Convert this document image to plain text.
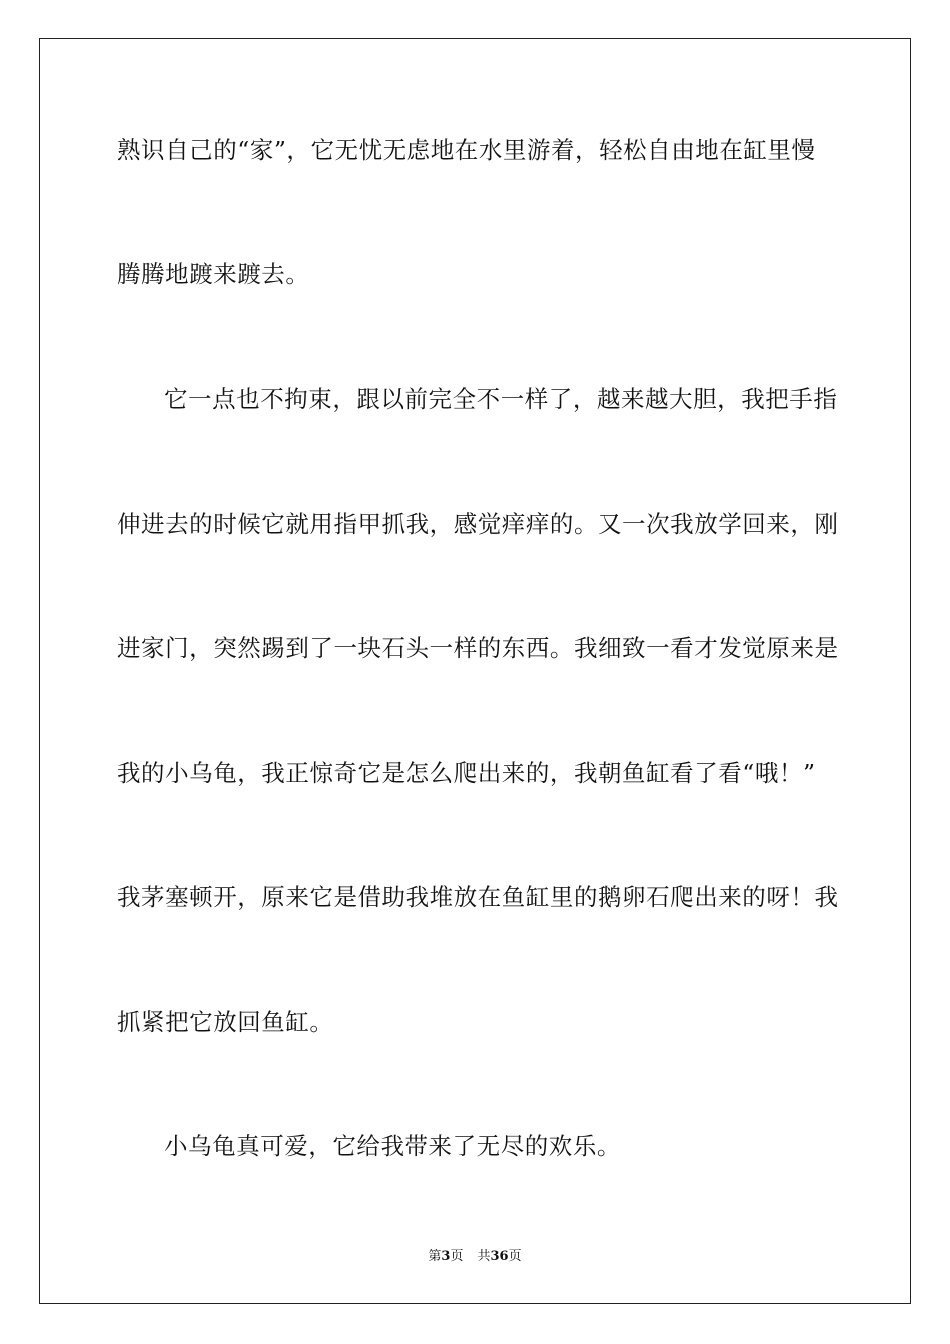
熟识自己的“家”，它无忧无虑地在水里游着，轻松自由地在缸里慢
腾腾地踱来踱去。
它一点也不拘束，跟以前完全不一样了，越来越大胆，我把手指
伸进去的时候它就用指甲抓我，感觉痒痒的。又一次我放学回来，刚
进家门，突然踢到了一块石头一样的东西。我细致一看才发觉原来是
我的小乌龟，我正惊奇它是怎么爬出来的，我朝鱼缸看了看“哦！”
我茅塞顿开，原来它是借助我堆放在鱼缸里的鹅卵石爬出来的呀！我
抓紧把它放回鱼缸。
小乌龟真可爱，它给我带来了无尽的欢乐。
第3页 共36页
